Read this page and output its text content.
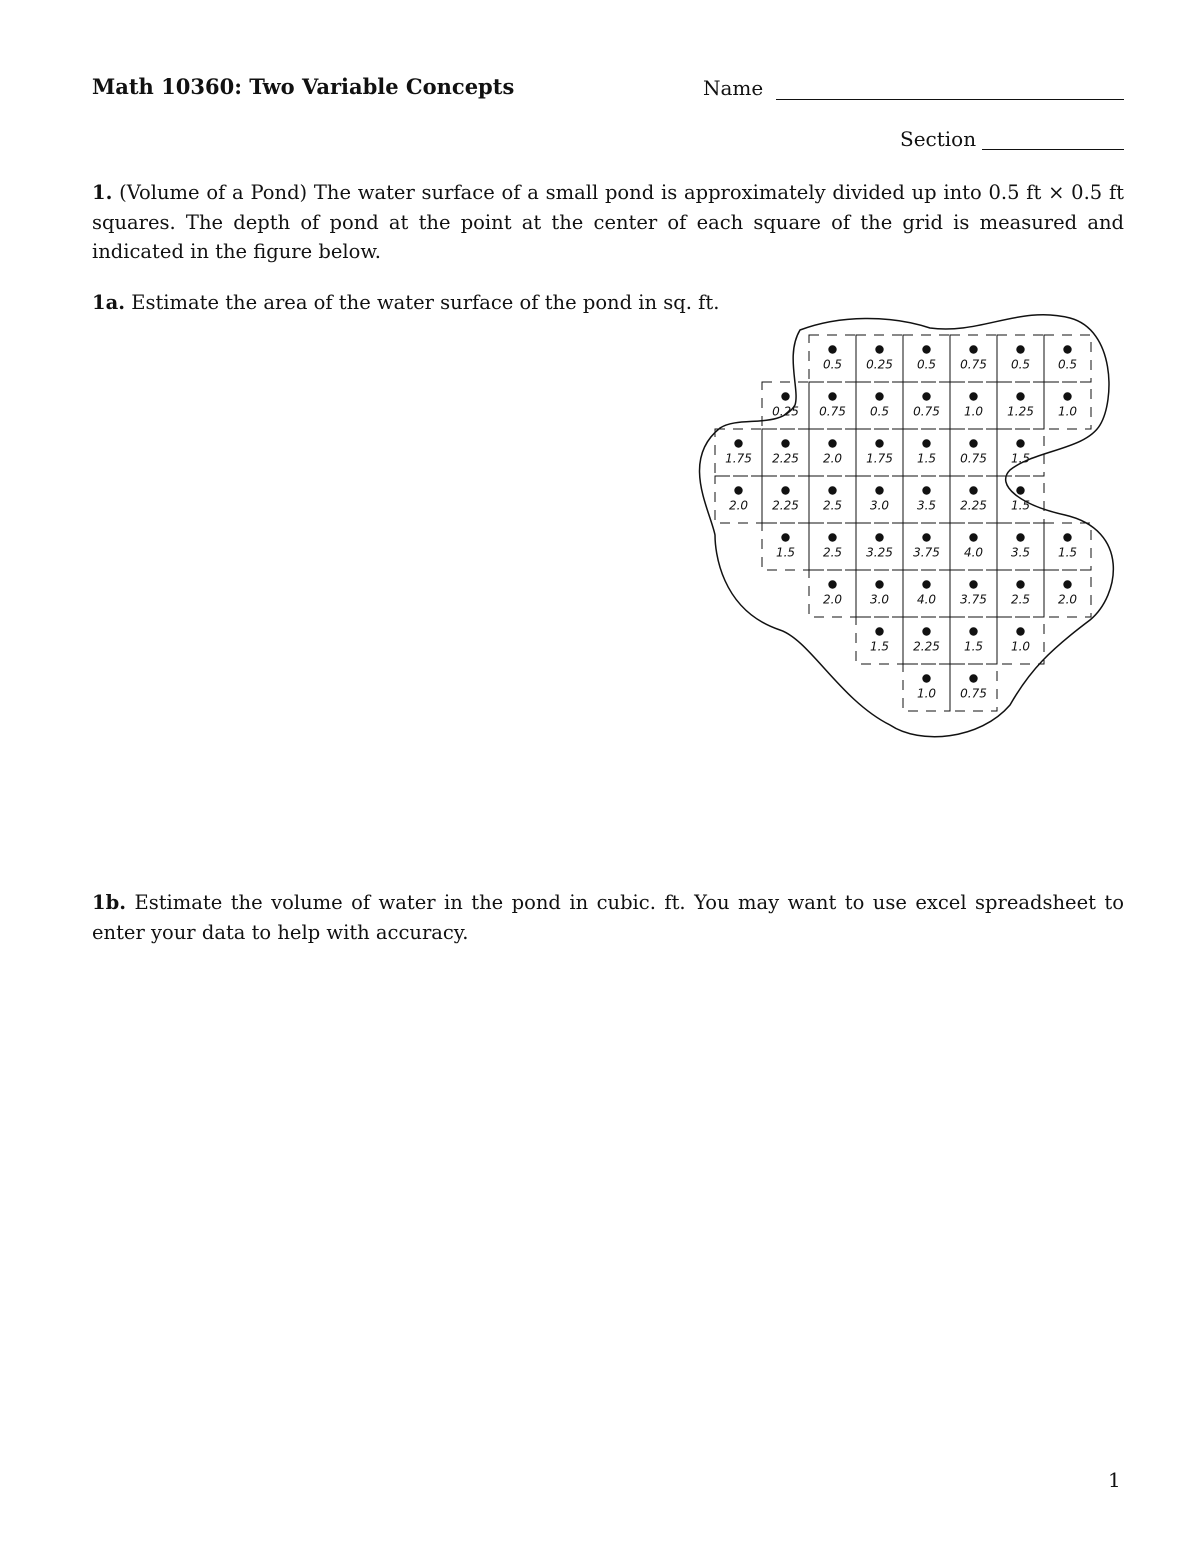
Math 10360: Two Variable Concepts	Name
Section
1. (Volume of a Pond) The water surface of a small pond is approximately divided up into 0.5 ft × 0.5 ft squares. The depth of pond at the point at the center of each square of the grid is measured and indicated in the figure below.
1a. Estimate the area of the water surface of the pond in sq. ft.
0.5 0.25 0.5 0.75 0.5 0.5
0.25 0.75 0.5 0.75 1.0 1.25 1.0
1.75 2.25 2.0 1.75 1.5 0.75 1.5
2.0 2.25 2.5 3.0 3.5 2.25 1.5
1.5 2.5 3.25 3.75 4.0 3.5 1.5
2.0 3.0 4.0 3.75 2.5 2.0
1.5 2.25 1.5 1.0
1.0 0.75
1b. Estimate the volume of water in the pond in cubic. ft. You may want to use excel spreadsheet to enter your data to help with accuracy.
1
